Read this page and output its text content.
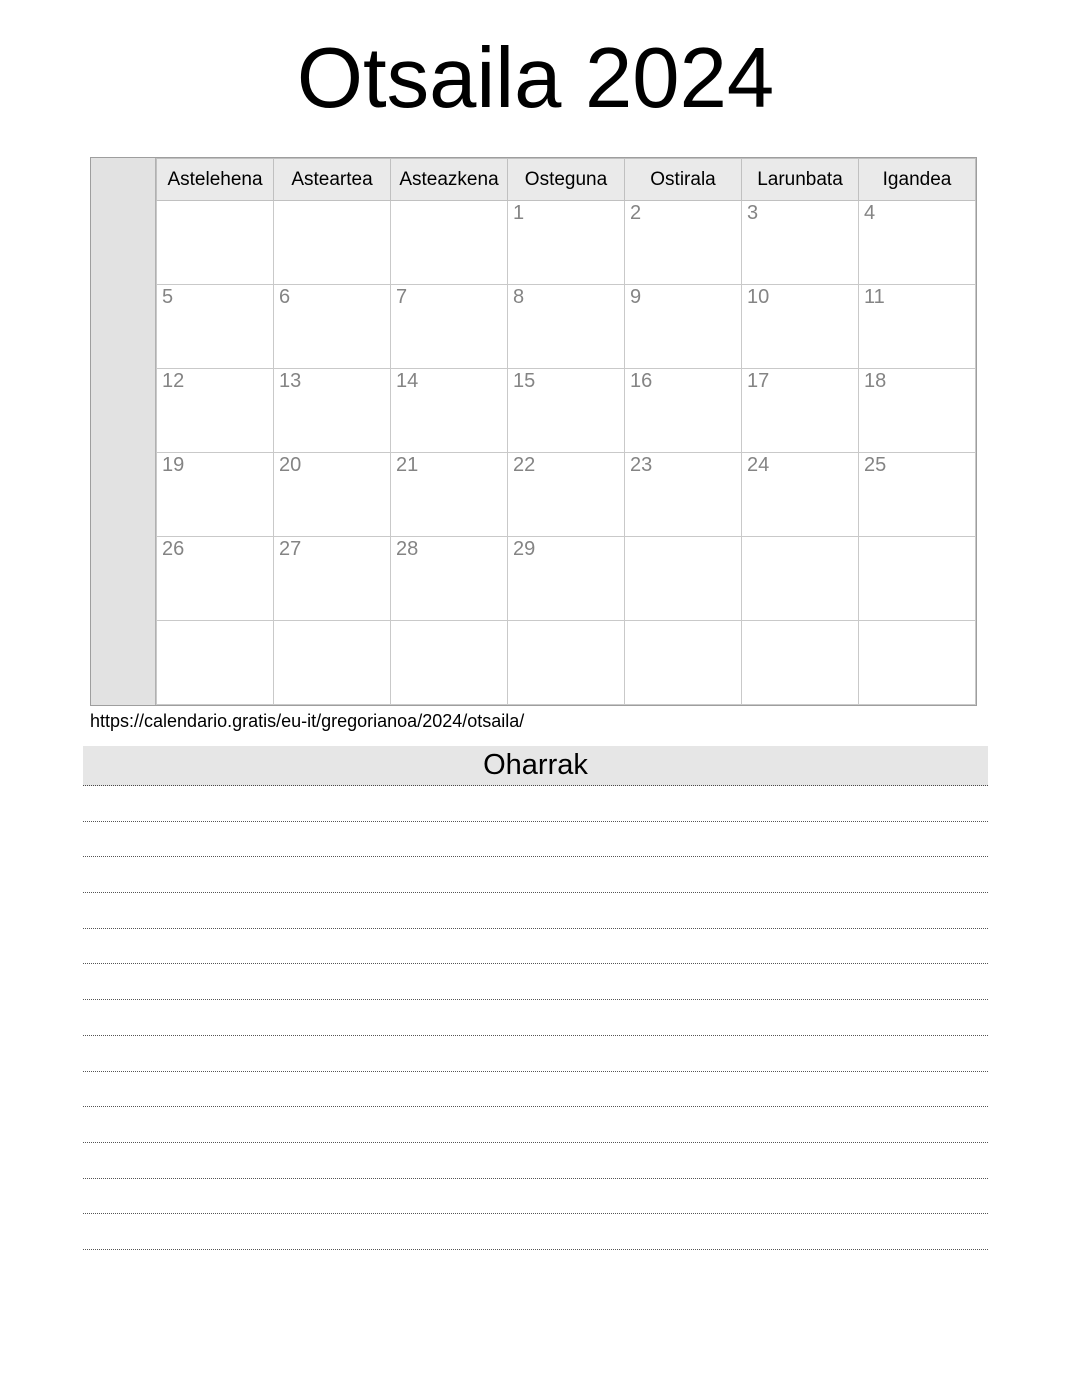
Otsaila 2024
Astelehena	Asteartea	Asteazkena	Osteguna	Ostirala	Larunbata	Igandea
			1	2	3	4
5	6	7	8	9	10	11
12	13	14	15	16	17	18
19	20	21	22	23	24	25
26	27	28	29			

https://calendario.gratis/eu-it/gregorianoa/2024/otsaila/
Oharrak
